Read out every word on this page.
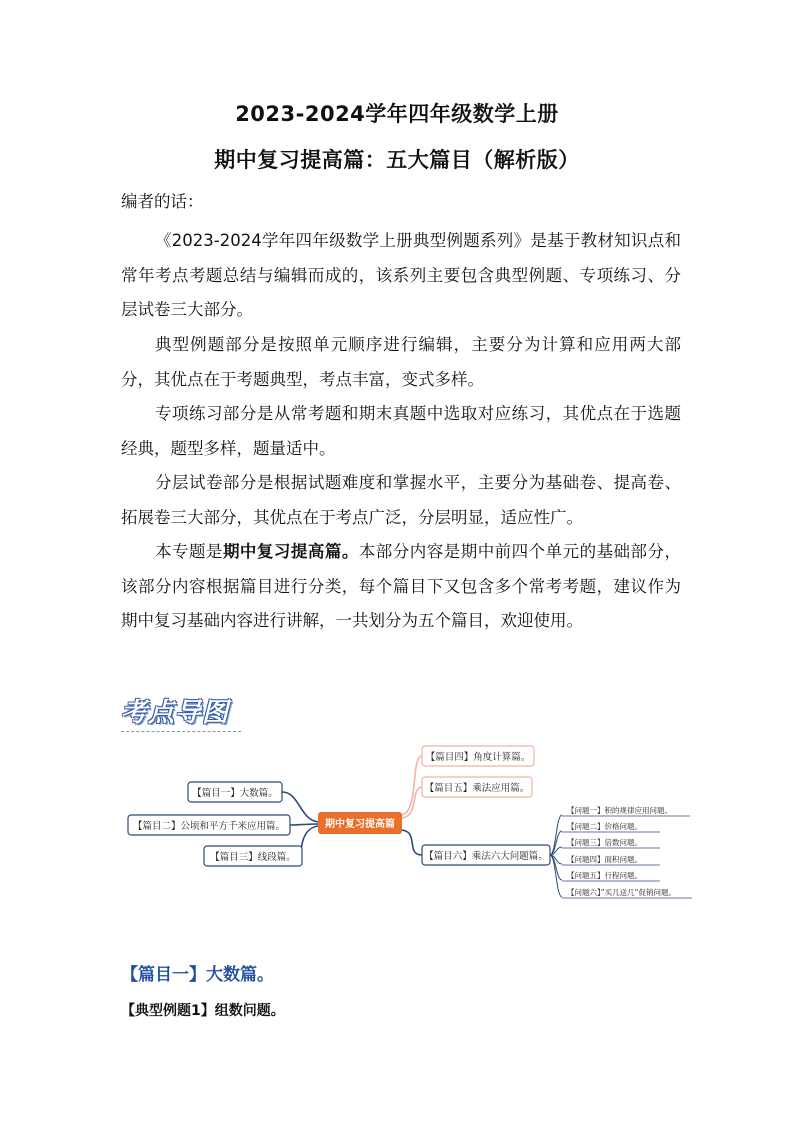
2023-2024学年四年级数学上册
期中复习提高篇：五大篇目（解析版）
编者的话：
《2023-2024学年四年级数学上册典型例题系列》是基于教材知识点和常年考点考题总结与编辑而成的，该系列主要包含典型例题、专项练习、分层试卷三大部分。
典型例题部分是按照单元顺序进行编辑，主要分为计算和应用两大部分，其优点在于考题典型，考点丰富，变式多样。
专项练习部分是从常考题和期末真题中选取对应练习，其优点在于选题经典，题型多样，题量适中。
分层试卷部分是根据试题难度和掌握水平，主要分为基础卷、提高卷、拓展卷三大部分，其优点在于考点广泛，分层明显，适应性广。
本专题是期中复习提高篇。本部分内容是期中前四个单元的基础部分，该部分内容根据篇目进行分类，每个篇目下又包含多个常考考题，建议作为期中复习基础内容进行讲解，一共划分为五个篇目，欢迎使用。
考点导图
期中复习提高篇
【篇目一】大数篇。
【篇目二】公顷和平方千米应用篇。
【篇目三】线段篇。
【篇目四】角度计算篇。
【篇目五】乘法应用篇。
【篇目六】乘法六大问题篇。
【问题一】积的规律应用问题。
【问题二】价格问题。
【问题三】倍数问题。
【问题四】面积问题。
【问题五】行程问题。
【问题六】”买几送几“促销问题。
【篇目一】大数篇。
【典型例题1】组数问题。
